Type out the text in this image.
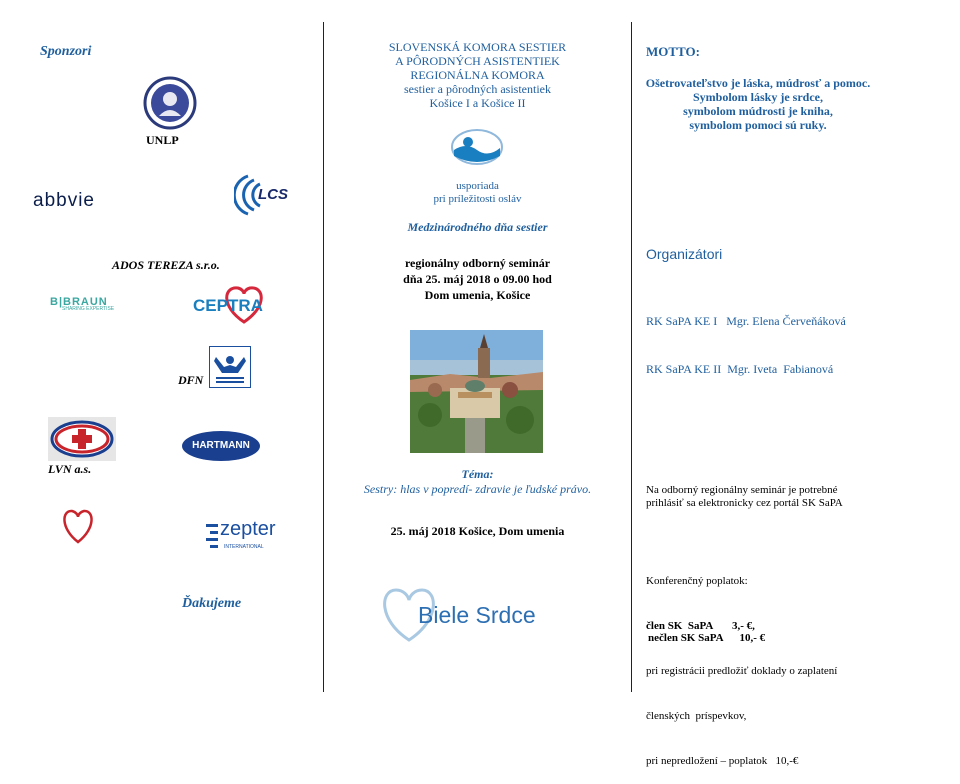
Sponzori
UNLP
abbvie	LCS
ADOS TEREZA s.r.o.
B|BRAUN
SHARING EXPERTISE	CEPTRA
DFN
LVN a.s.
HARTMANN
zepter
INTERNATIONAL
Ďakujeme
SLOVENSKÁ KOMORA SESTIER
A PÔRODNÝCH ASISTENTIEK
REGIONÁLNA KOMORA
sestier a pôrodných asistentiek
Košice I a Košice II
usporiada
pri príležitosti osláv
Medzinárodného dňa sestier
regionálny odborný seminár
dňa 25. máj 2018 o 09.00 hod
Dom umenia, Košice
Téma:
Sestry: hlas v popredí- zdravie je ľudské právo.
25. máj 2018 Košice, Dom umenia
Biele Srdce
MOTTO:
Ošetrovateľstvo je láska, múdrosť a pomoc.
Symbolom lásky je srdce,
symbolom múdrosti je kniha,
symbolom pomoci sú ruky.
Organizátori

RK SaPA KE I   Mgr. Elena Červeňáková

RK SaPA KE II  Mgr. Iveta  Fabianová

Na odborný regionálny seminár je potrebné
prihlásiť sa elektronicky cez portál SK SaPA

Konferenčný poplatok:

člen SK  SaPA       3,- €,

pri registrácii predložiť doklady o zaplatení

členských  príspevkov,

pri nepredložení – poplatok   10,-€

nečlen SK SaPA      10,- €
